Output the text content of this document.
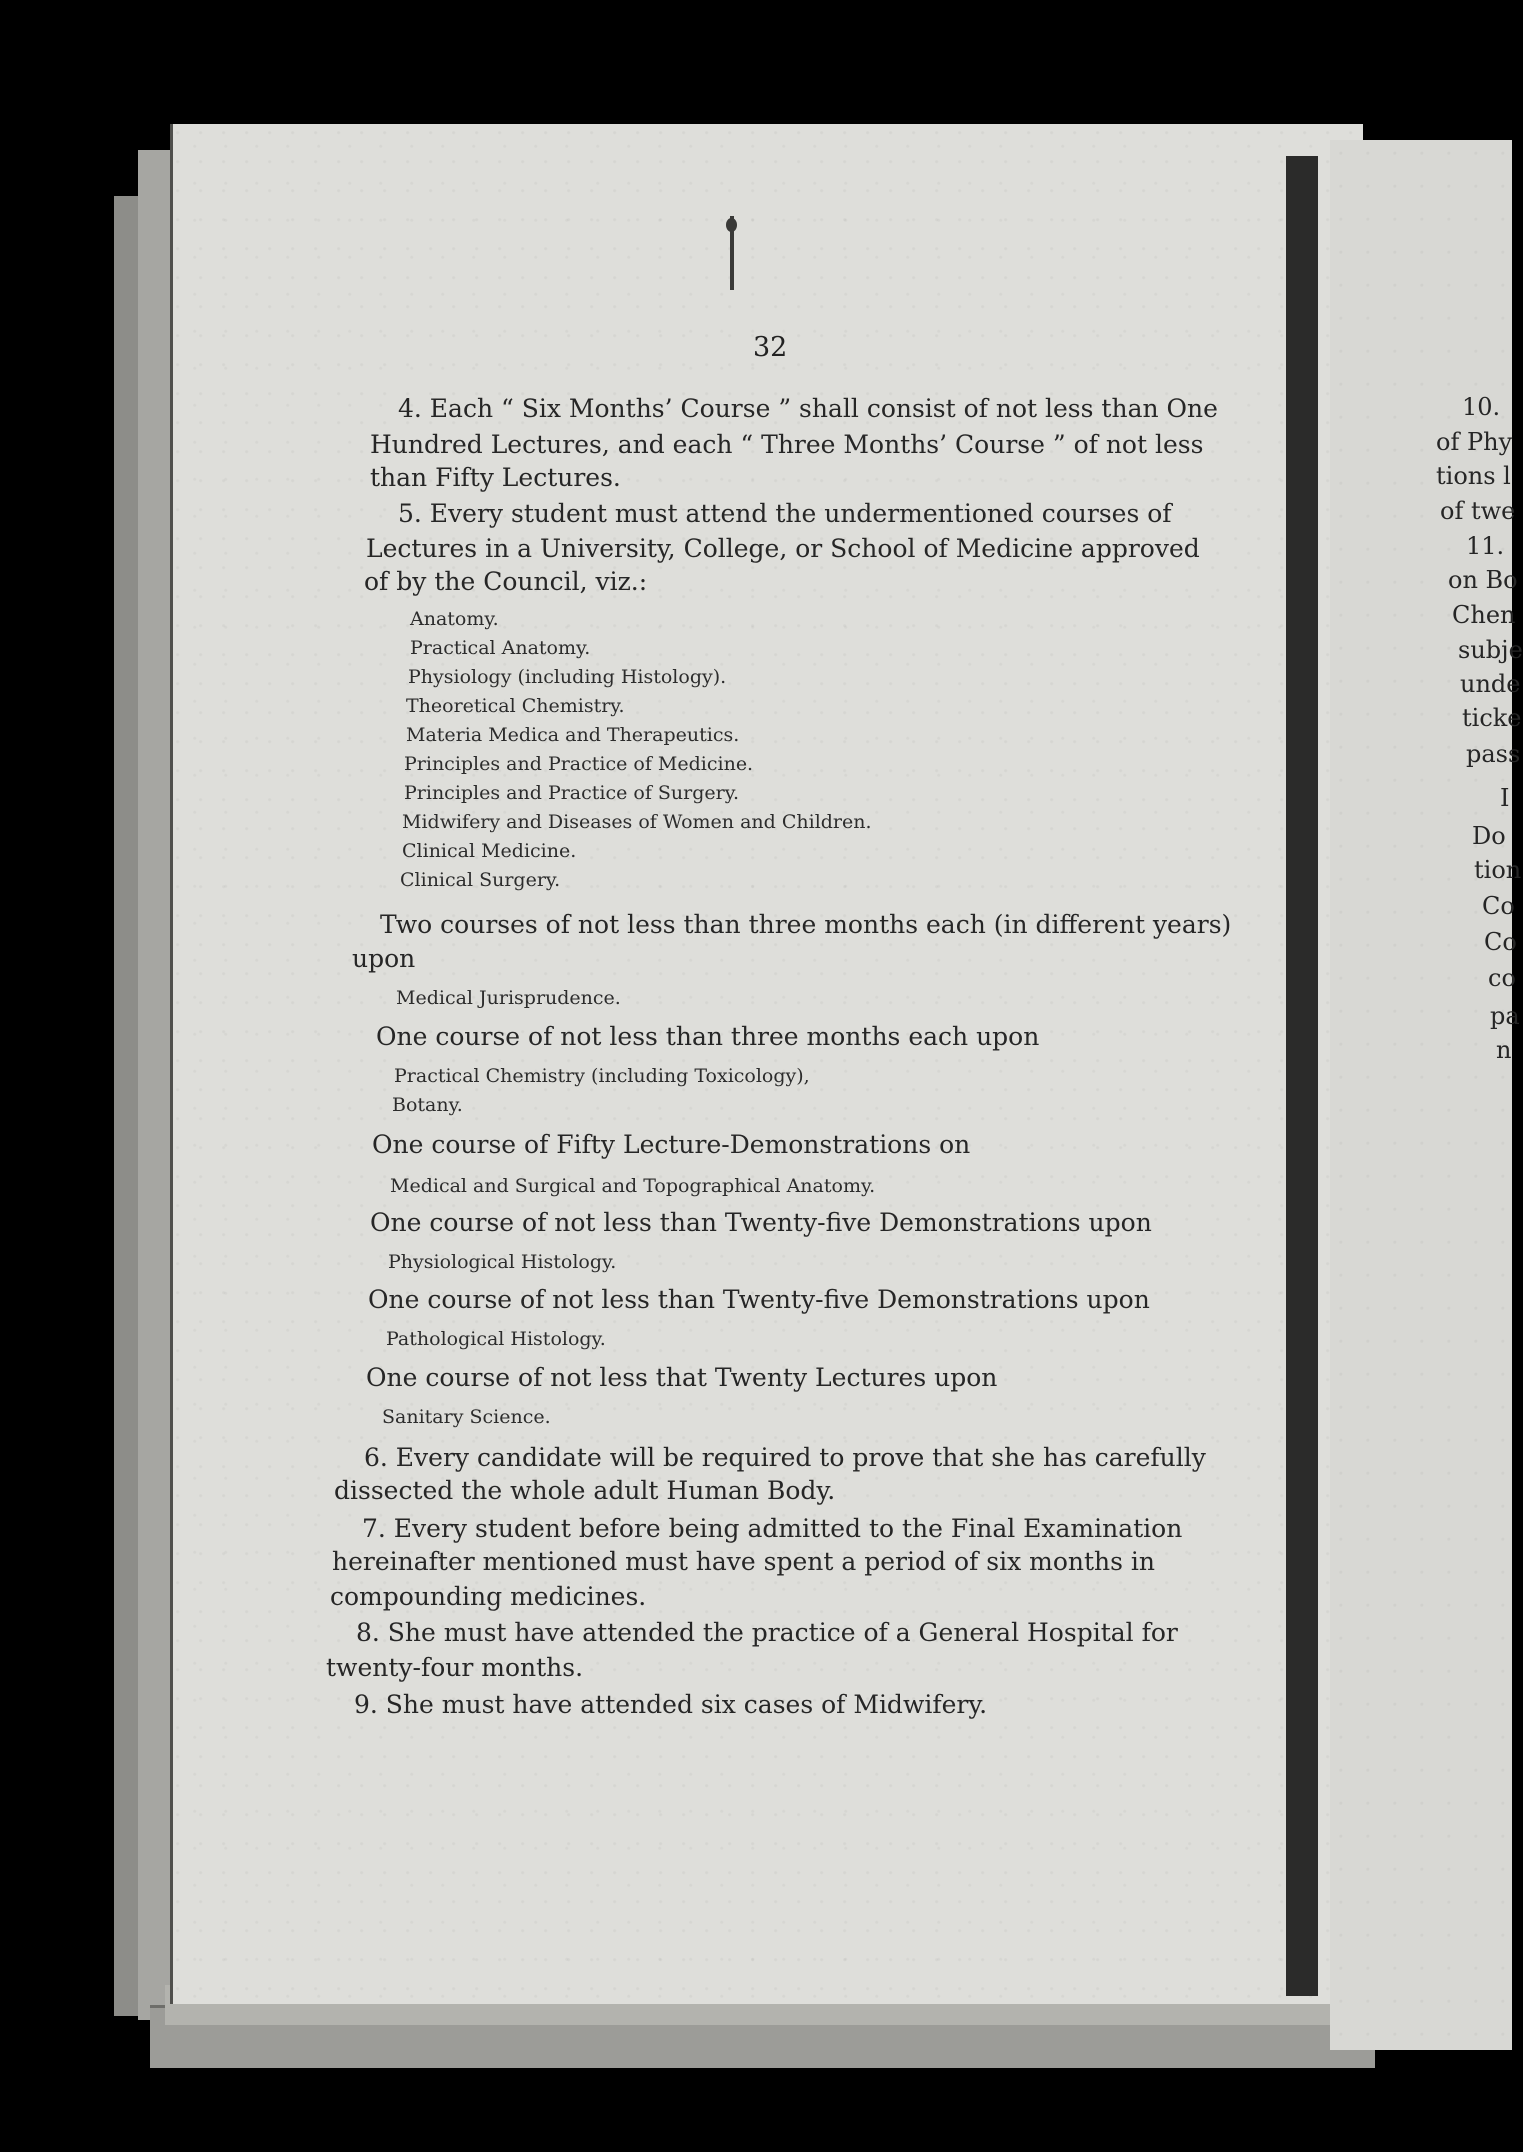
32
4. Each “ Six Months’ Course ” shall consist of not less than One
Hundred Lectures, and each “ Three Months’ Course ” of not less
than Fifty Lectures.
5. Every student must attend the undermentioned courses of
Lectures in a University, College, or School of Medicine approved
of by the Council, viz.:
Anatomy.
Practical Anatomy.
Physiology (including Histology).
Theoretical Chemistry.
Materia Medica and Therapeutics.
Principles and Practice of Medicine.
Principles and Practice of Surgery.
Midwifery and Diseases of Women and Children.
Clinical Medicine.
Clinical Surgery.
Two courses of not less than three months each (in different years)
upon
Medical Jurisprudence.
One course of not less than three months each upon
Practical Chemistry (including Toxicology),
Botany.
One course of Fifty Lecture-Demonstrations on
Medical and Surgical and Topographical Anatomy.
One course of not less than Twenty-five Demonstrations upon
Physiological Histology.
One course of not less than Twenty-five Demonstrations upon
Pathological Histology.
One course of not less that Twenty Lectures upon
Sanitary Science.
6. Every candidate will be required to prove that she has carefully
dissected the whole adult Human Body.
7. Every student before being admitted to the Final Examination
hereinafter mentioned must have spent a period of six months in
compounding medicines.
8. She must have attended the practice of a General Hospital for
twenty-four months.
9. She must have attended six cases of Midwifery.
10.
of Phy
tions l
of twe
11.
on Bo
Chen
subje
unde
ticke
pass
I
Do
tion
Co
Co
co
pa
n
